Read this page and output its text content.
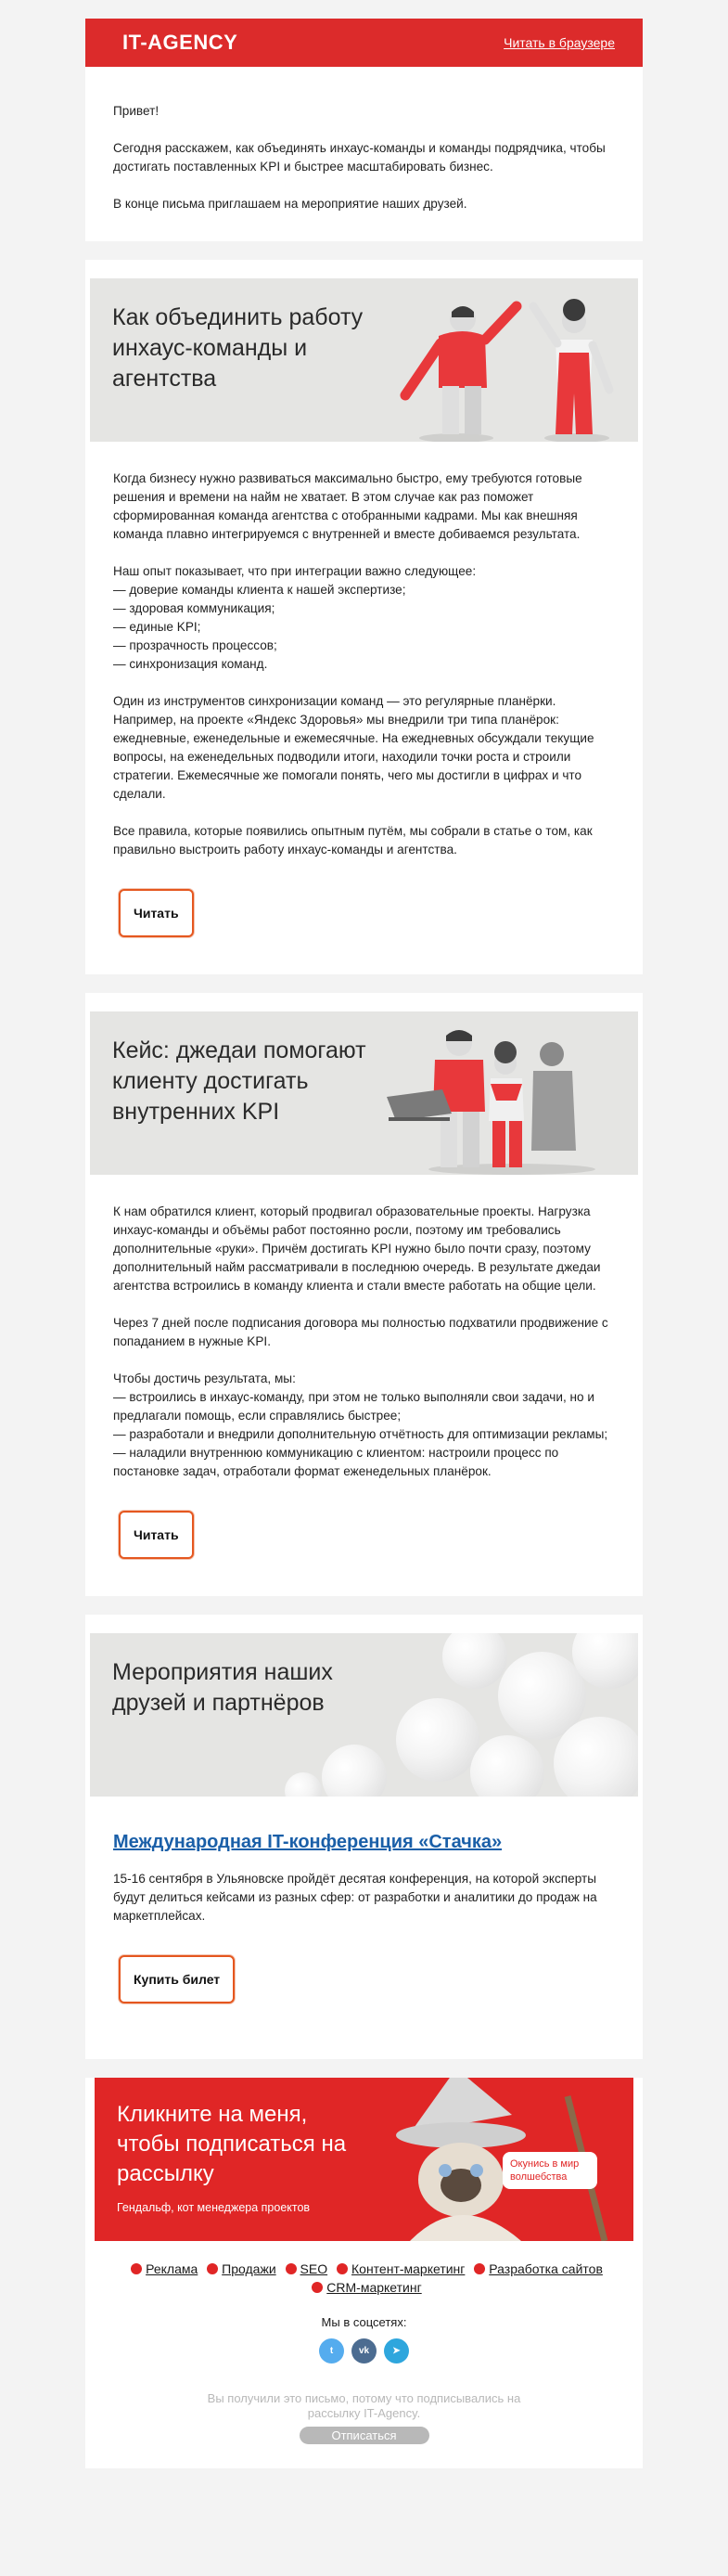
IT-AGENCY	Читать в браузере

Привет!

Сегодня расскажем, как объединять инхаус-команды и команды подрядчика, чтобы достигать поставленных KPI и быстрее масштабировать бизнес.

В конце письма приглашаем на мероприятие наших друзей.

Как объединить работу инхаус-команды и агентства

Когда бизнесу нужно развиваться максимально быстро, ему требуются готовые решения и времени на найм не хватает. В этом случае как раз поможет сформированная команда агентства с отобранными кадрами. Мы как внешняя команда плавно интегрируемся с внутренней и вместе добиваемся результата.

Наш опыт показывает, что при интеграции важно следующее:
— доверие команды клиента к нашей экспертизе;
— здоровая коммуникация;
— единые KPI;
— прозрачность процессов;
— синхронизация команд.

Один из инструментов синхронизации команд — это регулярные планёрки. Например, на проекте «Яндекс Здоровья» мы внедрили три типа планёрок: ежедневные, еженедельные и ежемесячные. На ежедневных обсуждали текущие вопросы, на еженедельных подводили итоги, находили точки роста и строили стратегии. Ежемесячные же помогали понять, чего мы достигли в цифрах и что сделали.

Все правила, которые появились опытным путём, мы собрали в статье о том, как правильно выстроить работу инхаус-команды и агентства.

Читать
Кейс: джедаи помогают клиенту достигать внутренних KPI

К нам обратился клиент, который продвигал образовательные проекты. Нагрузка инхаус-команды и объёмы работ постоянно росли, поэтому им требовались дополнительные «руки». Причём достигать KPI нужно было почти сразу, поэтому дополнительный найм рассматривали в последнюю очередь. В результате джедаи агентства встроились в команду клиента и стали вместе работать на общие цели.

Через 7 дней после подписания договора мы полностью подхватили продвижение с попаданием в нужные KPI.

Чтобы достичь результата, мы:
— встроились в инхаус-команду, при этом не только выполняли свои задачи, но и предлагали помощь, если справлялись быстрее;
— разработали и внедрили дополнительную отчётность для оптимизации рекламы;
— наладили внутреннюю коммуникацию с клиентом: настроили процесс по постановке задач, отработали формат еженедельных планёрок.

Читать
Мероприятия наших друзей и партнёров
Международная IT-конференция «Стачка»
15-16 сентября в Ульяновске пройдёт десятая конференция, на которой эксперты будут делиться кейсами из разных сфер: от разработки и аналитики до продаж на маркетплейсах.
Купить билет
Кликните на меня, чтобы подписаться на рассылку
Гендальф, кот менеджера проектов
Окунись в мир волшебства
Реклама Продажи SEO Контент-маркетинг Разработка сайтов
CRM-маркетинг
Мы в соцсетях:
t	vk	➤
Вы получили это письмо, потому что подписывались на рассылку IT-Agency.
Отписаться
